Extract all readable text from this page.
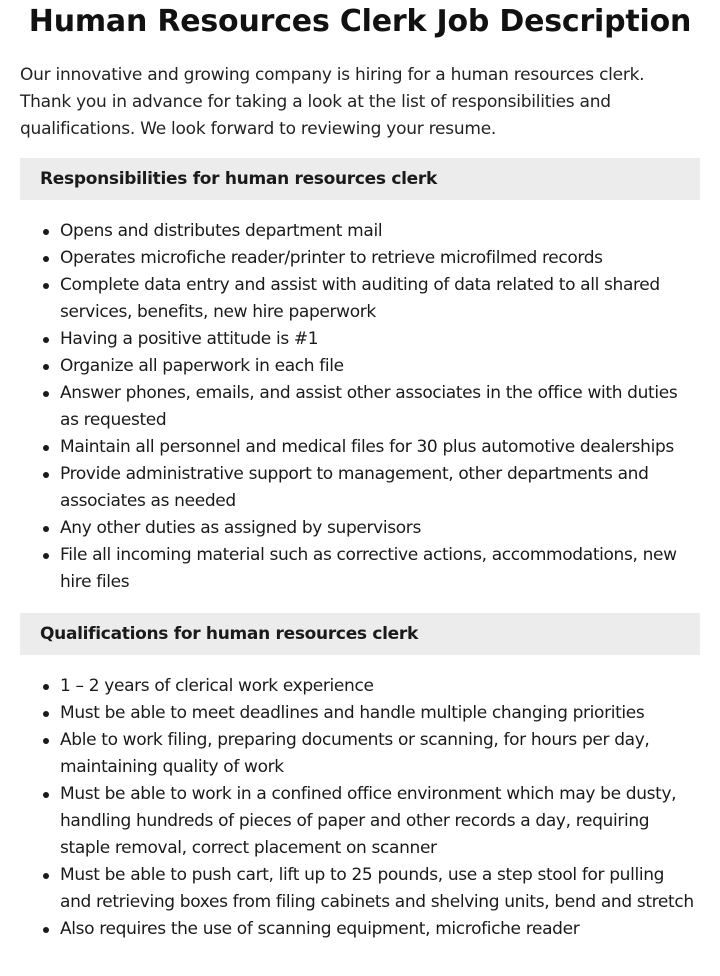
Human Resources Clerk Job Description

Our innovative and growing company is hiring for a human resources clerk. Thank you in advance for taking a look at the list of responsibilities and qualifications. We look forward to reviewing your resume.

Responsibilities for human resources clerk
Opens and distributes department mail
Operates microfiche reader/printer to retrieve microfilmed records
Complete data entry and assist with auditing of data related to all shared services, benefits, new hire paperwork
Having a positive attitude is #1
Organize all paperwork in each file
Answer phones, emails, and assist other associates in the office with duties as requested
Maintain all personnel and medical files for 30 plus automotive dealerships
Provide administrative support to management, other departments and associates as needed
Any other duties as assigned by supervisors
File all incoming material such as corrective actions, accommodations, new hire files
Qualifications for human resources clerk
1 – 2 years of clerical work experience
Must be able to meet deadlines and handle multiple changing priorities
Able to work filing, preparing documents or scanning, for hours per day, maintaining quality of work
Must be able to work in a confined office environment which may be dusty, handling hundreds of pieces of paper and other records a day, requiring staple removal, correct placement on scanner
Must be able to push cart, lift up to 25 pounds, use a step stool for pulling and retrieving boxes from filing cabinets and shelving units, bend and stretch
Also requires the use of scanning equipment, microfiche reader
